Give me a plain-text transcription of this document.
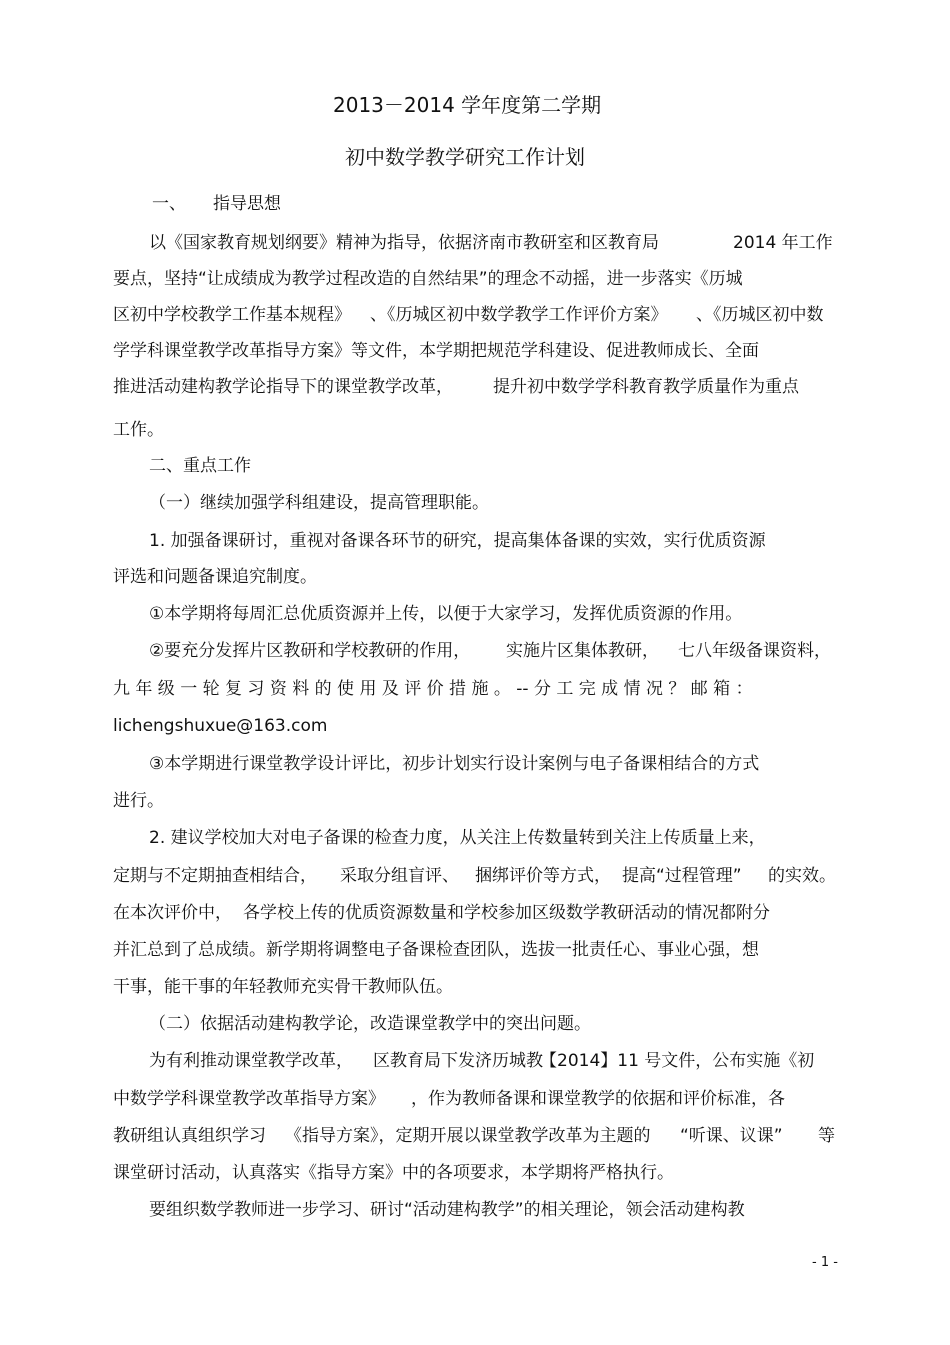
2013－2014 学年度第二学期
初中数学教学研究工作计划
一、 指导思想
以《国家教育规划纲要》精神为指导，依据济南市教研室和区教育局	2014 年工作
要点，坚持“让成绩成为教学过程改造的自然结果”的理念不动摇，进一步落实《历城
区初中学校教学工作基本规程》 、《历城区初中数学教学工作评价方案》 、《历城区初中数
学学科课堂教学改革指导方案》等文件，本学期把规范学科建设、促进教师成长、全面
推进活动建构教学论指导下的课堂教学改革， 提升初中数学学科教育教学质量作为重点
工作。
二、重点工作
（一）继续加强学科组建设，提高管理职能。
1. 加强备课研讨，重视对备课各环节的研究，提高集体备课的实效，实行优质资源
评选和问题备课追究制度。
①本学期将每周汇总优质资源并上传，以便于大家学习，发挥优质资源的作用。
②要充分发挥片区教研和学校教研的作用， 实施片区集体教研， 七八年级备课资料，
九 年 级 一 轮 复 习 资 料 的 使 用 及 评 价 措 施 。 -- 分 工 完 成 情 况 ？ 邮 箱 ：
lichengshuxue@163.com
③本学期进行课堂教学设计评比，初步计划实行设计案例与电子备课相结合的方式
进行。
2. 建议学校加大对电子备课的检查力度，从关注上传数量转到关注上传质量上来，
定期与不定期抽查相结合， 采取分组盲评、 捆绑评价等方式， 提高“过程管理” 的实效。
在本次评价中， 各学校上传的优质资源数量和学校参加区级数学教研活动的情况都附分
并汇总到了总成绩。新学期将调整电子备课检查团队，选拔一批责任心、事业心强，想
干事，能干事的年轻教师充实骨干教师队伍。
（二）依据活动建构教学论，改造课堂教学中的突出问题。
为有利推动课堂教学改革， 区教育局下发济历城教
【2014】11 号文件，公布实施《初
中数学学科课堂教学改革指导方案》 ，作为教师备课和课堂教学的依据和评价标准，各
教研组认真组织学习 《指导方案》，定期开展以课堂教学改革为主题的 “听课、议课” 等
课堂研讨活动，认真落实《指导方案》中的各项要求，本学期将严格执行。
要组织数学教师进一步学习、研讨“活动建构教学”的相关理论，领会活动建构教
- 1 -
